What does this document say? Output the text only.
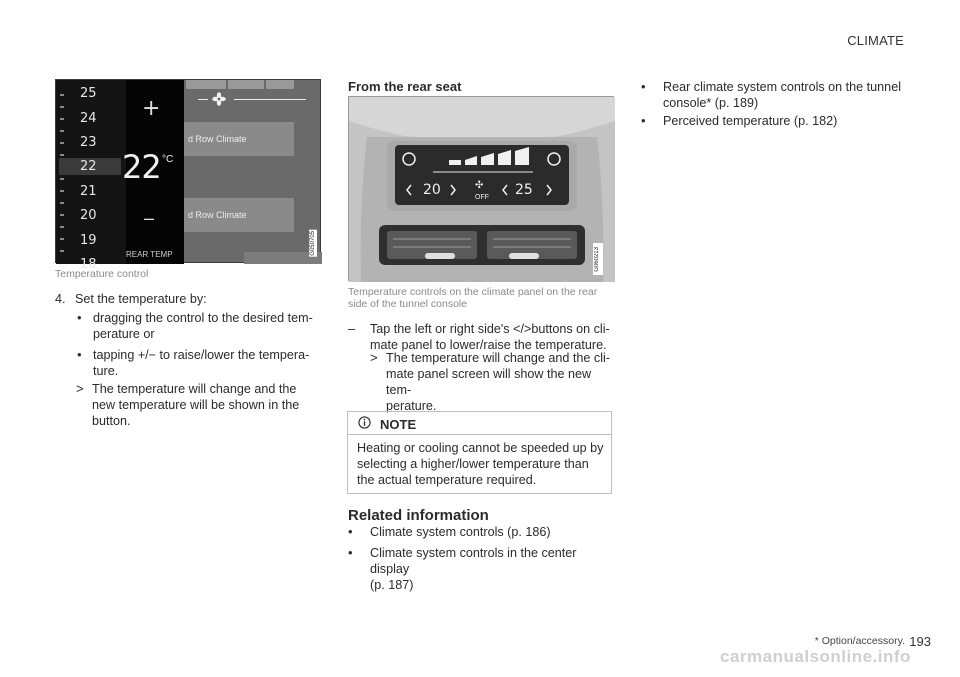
CLIMATE
25
24
23
22
21
20
19
18
+
22 °C
–
REAR TEMP
d Row Climate
d Row Climate
G050705
Temperature control
4. Set the temperature by:
• dragging the control to the desired tem-
perature or
• tapping +/− to raise/lower the tempera-
ture.
> The temperature will change and the new temperature will be shown in the button.
From the rear seat
20	25
OFF
✣
G060213
Temperature controls on the climate panel on the rear side of the tunnel console
– Tap the left or right side's </>buttons on cli-
mate panel to lower/raise the temperature.
> The temperature will change and the cli-
mate panel screen will show the new tem-
perature.
NOTE
Heating or cooling cannot be speeded up by selecting a higher/lower temperature than the actual temperature required.
Related information
• Climate system controls (p. 186)
• Climate system controls in the center display
(p. 187)
• Rear climate system controls on the tunnel
console* (p. 189)
• Perceived temperature (p. 182)
* Option/accessory. 193
carmanualsonline.info
